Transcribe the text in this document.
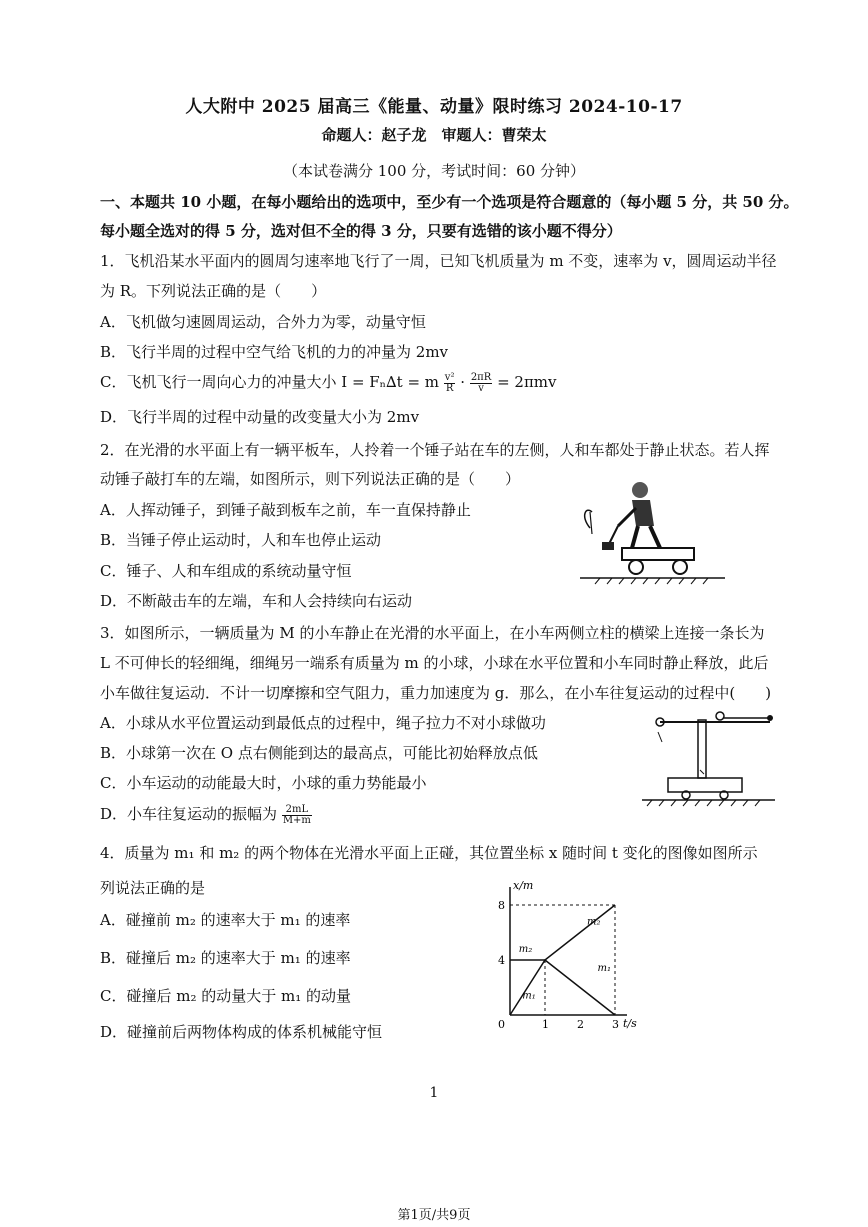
人大附中 2025 届高三《能量、动量》限时练习 2024-10-17
命题人：赵子龙　审题人：曹荣太
（本试卷满分 100 分，考试时间：60 分钟）
一、本题共 10 小题，在每小题给出的选项中，至少有一个选项是符合题意的（每小题 5 分，共 50 分。
每小题全选对的得 5 分，选对但不全的得 3 分，只要有选错的该小题不得分）
1．飞机沿某水平面内的圆周匀速率地飞行了一周，已知飞机质量为 m 不变，速率为 v，圆周运动半径
为 R。下列说法正确的是（　　）
A．飞机做匀速圆周运动，合外力为零，动量守恒
B．飞行半周的过程中空气给飞机的力的冲量为 2mv
C．飞机飞行一周向心力的冲量大小 I = Fₙ∆t = m $\frac{\text{v²}}{R} \cdot \frac{2\pi R}{v} = 2\pi mv$
D．飞行半周的过程中动量的改变量大小为 2mv
2．在光滑的水平面上有一辆平板车，人拎着一个锤子站在车的左侧，人和车都处于静止状态。若人挥
动锤子敲打车的左端，如图所示，则下列说法正确的是（　　）
A．人挥动锤子，到锤子敲到板车之前，车一直保持静止
B．当锤子停止运动时，人和车也停止运动
C．锤子、人和车组成的系统动量守恒
D．不断敲击车的左端，车和人会持续向右运动
3．如图所示，一辆质量为 M 的小车静止在光滑的水平面上，在小车两侧立柱的横梁上连接一条长为
L 不可伸长的轻细绳，细绳另一端系有质量为 m 的小球，小球在水平位置和小车同时静止释放，此后
小车做往复运动．不计一切摩擦和空气阻力，重力加速度为 g．那么，在小车往复运动的过程中(　　)
A．小球从水平位置运动到最低点的过程中，绳子拉力不对小球做功
B．小球第一次在 O 点右侧能到达的最高点，可能比初始释放点低
C．小车运动的动能最大时，小球的重力势能最小
D．小车往复运动的振幅为 $\frac{2mL}{M+m}$
4．质量为 m₁ 和 m₂ 的两个物体在光滑水平面上正碰，其位置坐标 x 随时间 t 变化的图像如图所示
列说法正确的是
A．碰撞前 m₂ 的速率大于 m₁ 的速率
B．碰撞后 m₂ 的速率大于 m₁ 的速率
C．碰撞后 m₂ 的动量大于 m₁ 的动量
D．碰撞前后两物体构成的体系机械能守恒
x/m
t/s
0	1	2	3
4
8
m₂
m₁
m₂
m₁
1
第1页/共9页
